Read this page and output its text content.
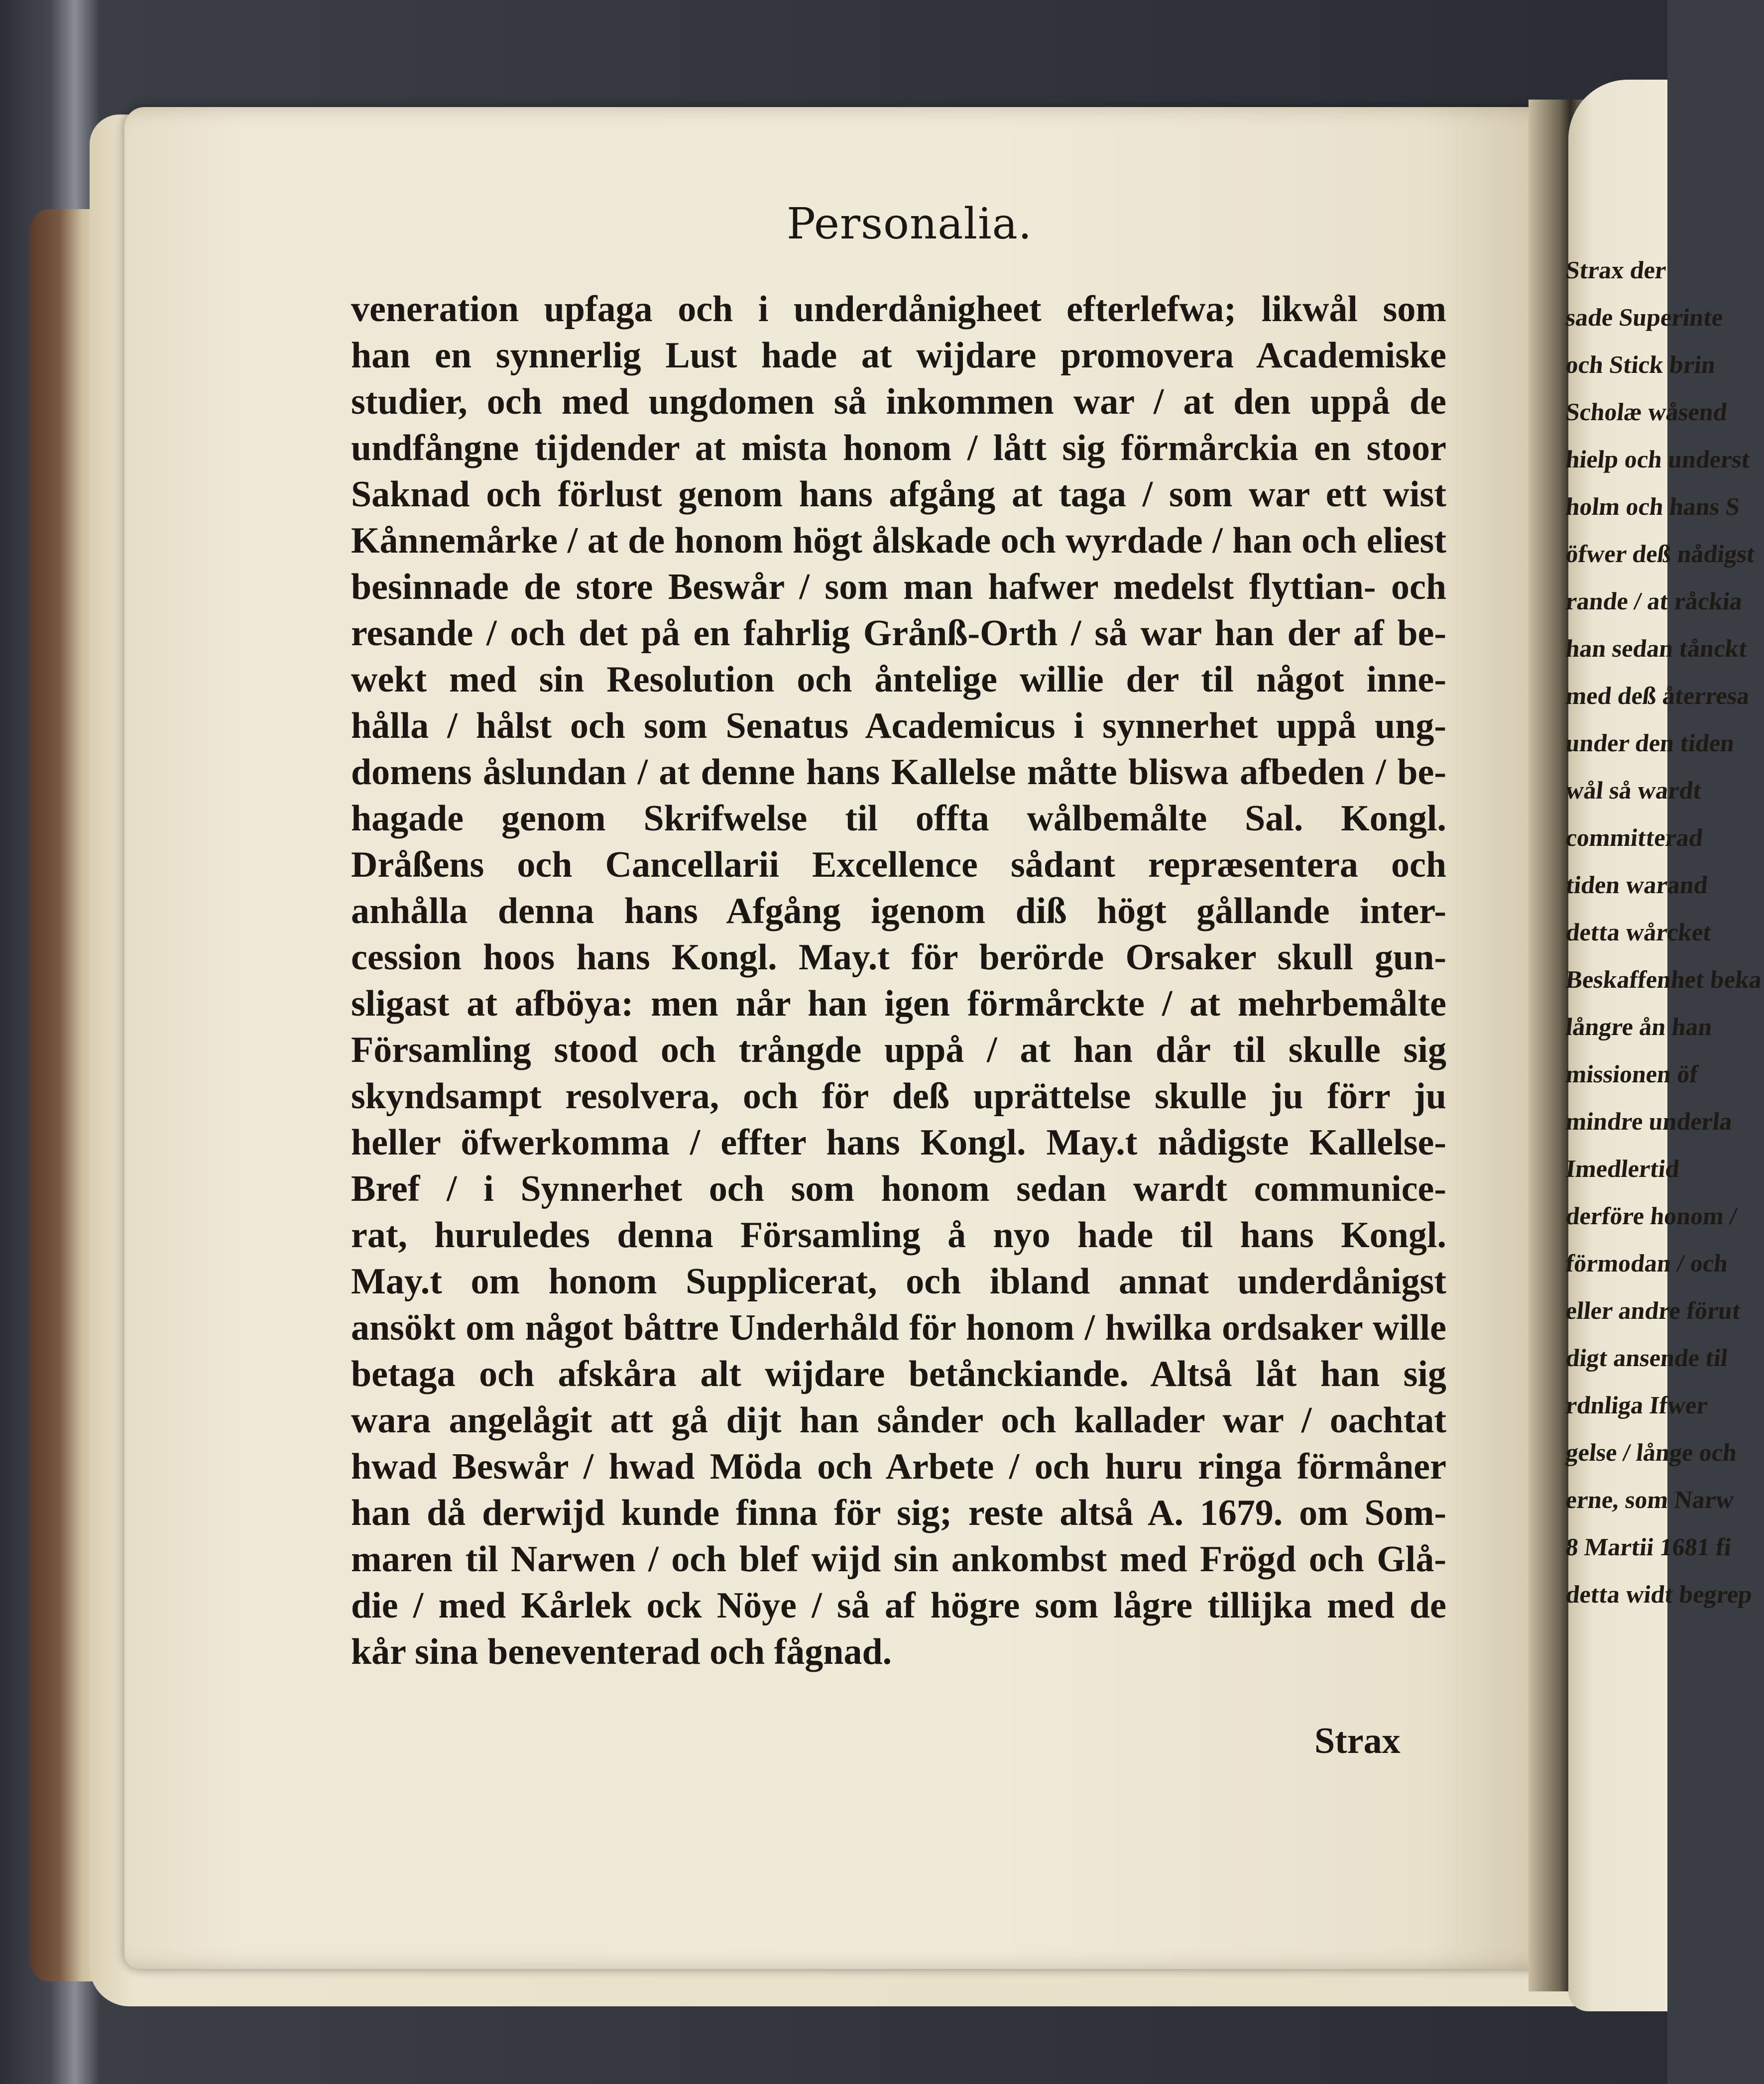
Personalia.
veneration upfaga och i underdånigheet efterlefwa; likwål som
han en synnerlig Lust hade at wijdare promovera Academiske
studier, och med ungdomen så inkommen war / at den uppå de
undfångne tijdender at mista honom / lått sig förmårckia en stoor
Saknad och förlust genom hans afgång at taga / som war ett wist
Kånnemårke / at de honom högt ålskade och wyrdade / han och eliest
besinnade de store Beswår / som man hafwer medelst flyttian- och
resande / och det på en fahrlig Grånß-Orth / så war han der af be-
wekt med sin Resolution och åntelige willie der til något inne-
hålla / hålst och som Senatus Academicus i synnerhet uppå ung-
domens åslundan / at denne hans Kallelse måtte bliswa afbeden / be-
hagade genom Skrifwelse til offta wålbemålte Sal. Kongl.
Dråßens och Cancellarii Excellence sådant repræsentera och
anhålla denna hans Afgång igenom diß högt gållande inter-
cession hoos hans Kongl. May.t för berörde Orsaker skull gun-
sligast at afböya: men når han igen förmårckte / at mehrbemålte
Församling stood och trångde uppå / at han dår til skulle sig
skyndsampt resolvera, och för deß uprättelse skulle ju förr ju
heller öfwerkomma / effter hans Kongl. May.t nådigste Kallelse-
Bref / i Synnerhet och som honom sedan wardt communice-
rat, huruledes denna Församling å nyo hade til hans Kongl.
May.t om honom Supplicerat, och ibland annat underdånigst
ansökt om något båttre Underhåld för honom / hwilka ordsaker wille
betaga och afskåra alt wijdare betånckiande. Altså låt han sig
wara angelågit att gå dijt han sånder och kallader war / oachtat
hwad Beswår / hwad Möda och Arbete / och huru ringa förmåner
han då derwijd kunde finna för sig; reste altså A. 1679. om Som-
maren til Narwen / och blef wijd sin ankombst med Frögd och Glå-
die / med Kårlek ock Nöye / så af högre som lågre tillijka med de
kår sina beneventerad och fågnad.
Strax
Strax der
sade Superinte
och Stick brin
Scholæ wåsend
hielp och underst
holm och hans S
öfwer deß nådigst
rande / at råckia
han sedan tånckt
med deß återresa
under den tiden
wål så wardt
committerad
tiden warand
detta wårcket
Beskaffenhet beka
långre ån han
missionen öf
mindre underla
Imedlertid
derföre honom /
förmodan / och
eller andre förut
digt ansende til
rdnliga Ifwer
gelse / långe och
erne, som Narw
8 Martii 1681 fi
detta widt begrep
